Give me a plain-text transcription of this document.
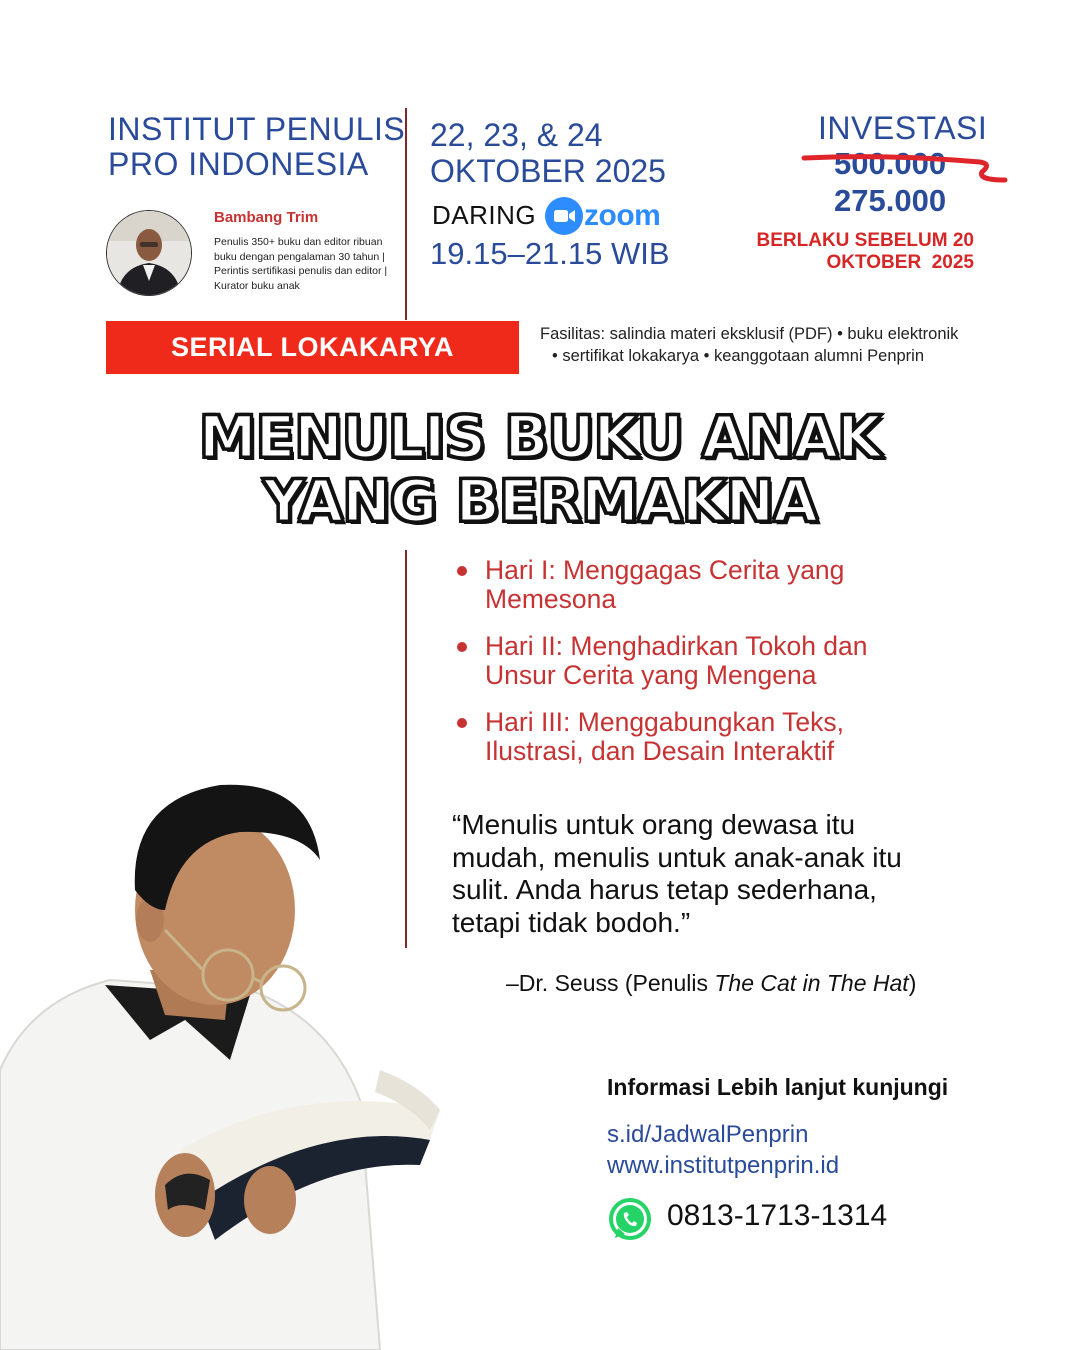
INSTITUT PENULIS
PRO INDONESIA
Bambang Trim
Penulis 350+ buku dan editor ribuan buku dengan pengalaman 30 tahun | Perintis sertifikasi penulis dan editor | Kurator buku anak
22, 23, & 24
OKTOBER 2025
DARING zoom
19.15–21.15 WIB
INVESTASI
500.000
275.000
BERLAKU SEBELUM 20
OKTOBER  2025
SERIAL LOKAKARYA	Fasilitas: salindia materi eksklusif (PDF) • buku elektronik
• sertifikat lokakarya • keanggotaan alumni Penprin
MENULIS BUKU ANAK
YANG BERMAKNA
Hari I: Menggagas Cerita yang
Memesona
Hari II: Menghadirkan Tokoh dan
Unsur Cerita yang Mengena
Hari III: Menggabungkan Teks,
Ilustrasi, dan Desain Interaktif
“Menulis untuk orang dewasa itu
mudah, menulis untuk anak-anak itu
sulit. Anda harus tetap sederhana,
tetapi tidak bodoh.”
–Dr. Seuss (Penulis The Cat in The Hat)
Informasi Lebih lanjut kunjungi
s.id/JadwalPenprin
www.institutpenprin.id
0813-1713-1314
